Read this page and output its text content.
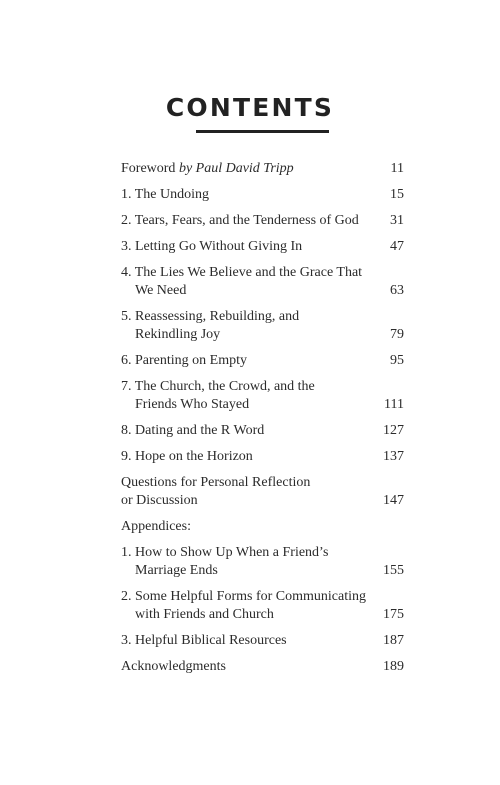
CONTENTS
Foreword by Paul David Tripp	11
1. The Undoing	15
2. Tears, Fears, and the Tenderness of God	31
3. Letting Go Without Giving In	47
4. The Lies We Believe and the Grace That
We Need	63
5. Reassessing, Rebuilding, and
Rekindling Joy	79
6. Parenting on Empty	95
7. The Church, the Crowd, and the
Friends Who Stayed	111
8. Dating and the R Word	127
9. Hope on the Horizon	137
Questions for Personal Reflection
or Discussion	147
Appendices:
1. How to Show Up When a Friend’s
Marriage Ends	155
2. Some Helpful Forms for Communicating
with Friends and Church	175
3. Helpful Biblical Resources	187
Acknowledgments	189
